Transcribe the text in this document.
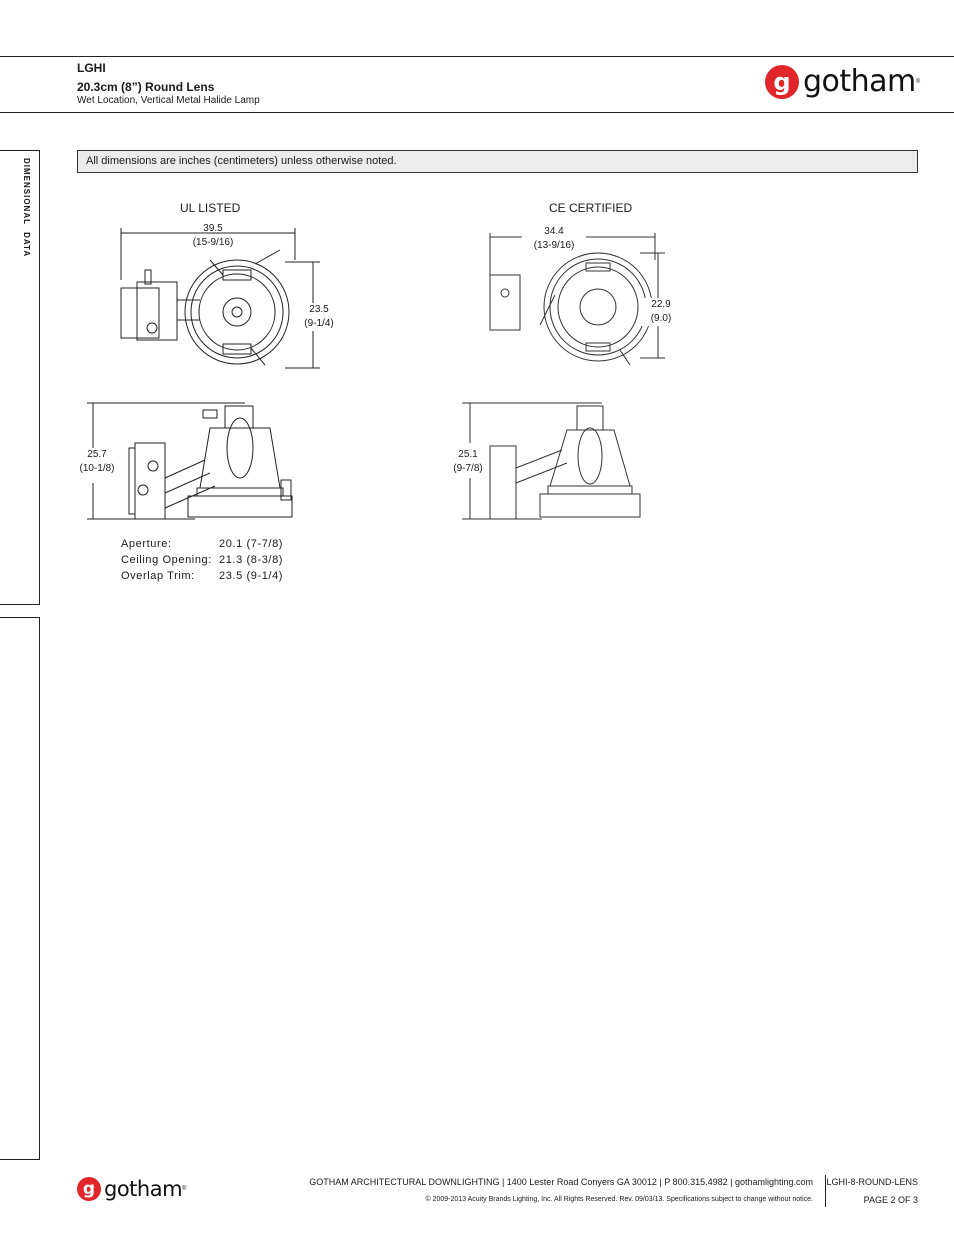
LGHI
20.3cm (8”) Round Lens
Wet Location, Vertical Metal Halide Lamp
g gotham ®
DIMENSIONAL DATA	All dimensions are inches (centimeters) unless otherwise noted.
UL LISTED
39.5
(15-9/16)
23.5
(9-1/4)
25.7
(10-1/8)
Aperture:	20.1 (7-7/8)
Ceiling Opening:	21.3 (8-3/8)
Overlap Trim:	23.5 (9-1/4)
CE CERTIFIED
34.4
(13-9/16)
22.9
(9.0)
25.1
(9-7/8)
g gotham ®
GOTHAM ARCHITECTURAL DOWNLIGHTING | 1400 Lester Road Conyers GA 30012 | P 800.315.4982 | gothamlighting.com
© 2009-2013 Acuity Brands Lighting, Inc. All Rights Reserved. Rev. 09/03/13. Specifications subject to change without notice.
LGHI-8-ROUND-LENS
PAGE 2 OF 3
